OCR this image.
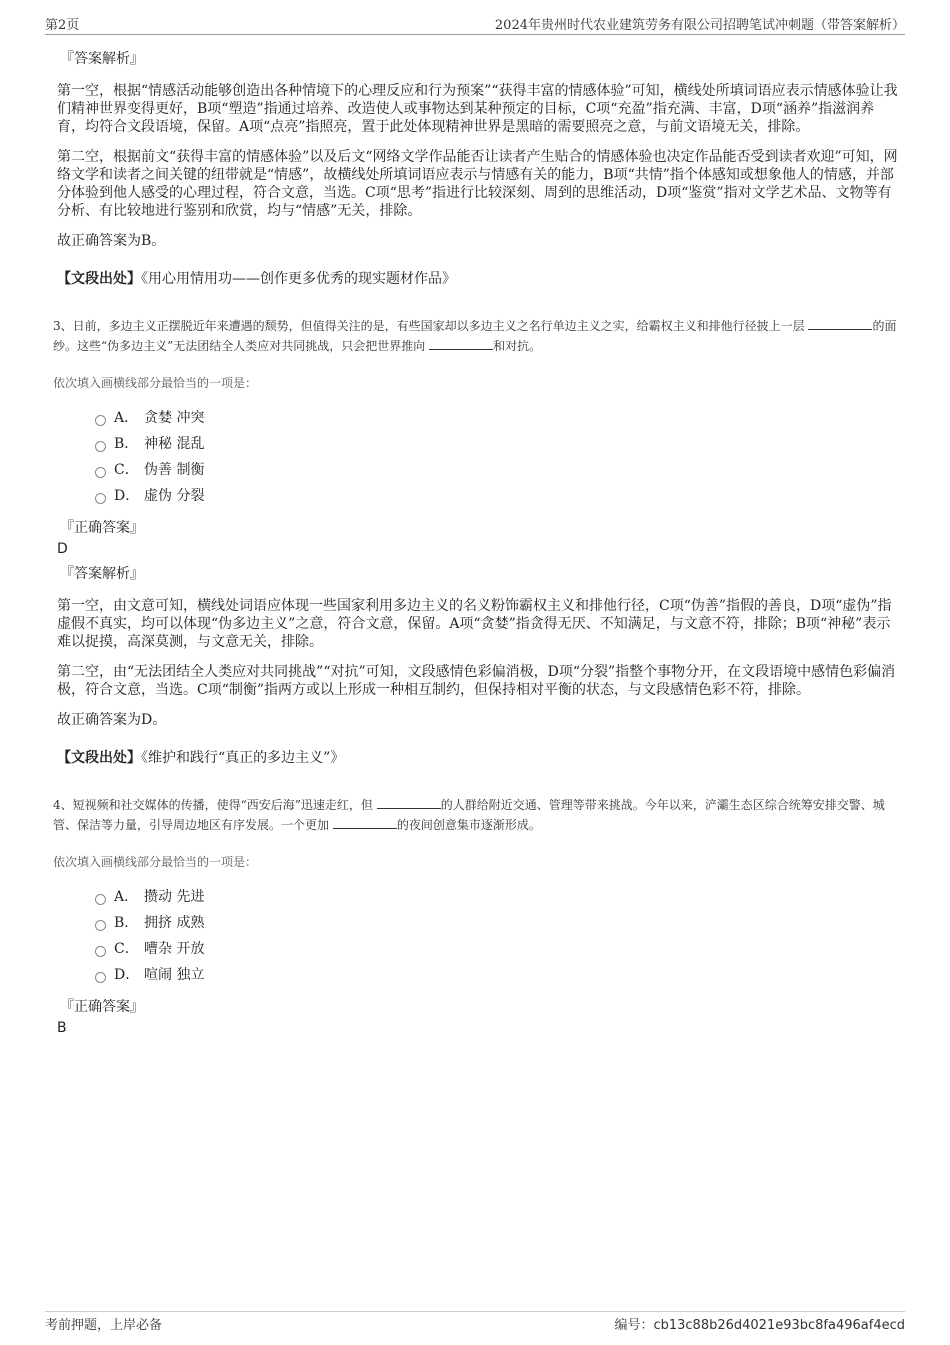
第2页	2024年贵州时代农业建筑劳务有限公司招聘笔试冲刺题（带答案解析）
『答案解析』

第一空，根据“情感活动能够创造出各种情境下的心理反应和行为预案”“获得丰富的情感体验”可知，横线处所填词语应表示情感体验让我们精神世界变得更好，B项“塑造”指通过培养、改造使人或事物达到某种预定的目标，C项“充盈”指充满、丰富，D项“涵养”指滋润养育，均符合文段语境，保留。A项“点亮”指照亮，置于此处体现精神世界是黑暗的需要照亮之意，与前文语境无关，排除。

第二空，根据前文“获得丰富的情感体验”以及后文“网络文学作品能否让读者产生贴合的情感体验也决定作品能否受到读者欢迎”可知，网络文学和读者之间关键的纽带就是“情感”，故横线处所填词语应表示与情感有关的能力，B项“共情”指个体感知或想象他人的情感，并部分体验到他人感受的心理过程，符合文意，当选。C项“思考”指进行比较深刻、周到的思维活动，D项“鉴赏”指对文学艺术品、文物等有分析、有比较地进行鉴别和欣赏，均与“情感”无关，排除。

故正确答案为B。

【文段出处】《用心用情用功——创作更多优秀的现实题材作品》
3、日前，多边主义正摆脱近年来遭遇的颓势，但值得关注的是，有些国家却以多边主义之名行单边主义之实，给霸权主义和排他行径披上一层	的面纱。这些“伪多边主义”无法团结全人类应对共同挑战，只会把世界推向	和对抗。
依次填入画横线部分最恰当的一项是：
A． 贪婪 冲突
B． 神秘 混乱
C． 伪善 制衡
D． 虚伪 分裂
『正确答案』
D
『答案解析』

第一空，由文意可知，横线处词语应体现一些国家利用多边主义的名义粉饰霸权主义和排他行径，C项“伪善”指假的善良，D项“虚伪”指虚假不真实，均可以体现“伪多边主义”之意，符合文意，保留。A项“贪婪”指贪得无厌、不知满足，与文意不符，排除；B项“神秘”表示难以捉摸，高深莫测，与文意无关，排除。

第二空，由“无法团结全人类应对共同挑战”“对抗”可知，文段感情色彩偏消极，D项“分裂”指整个事物分开，在文段语境中感情色彩偏消极，符合文意，当选。C项“制衡”指两方或以上形成一种相互制约，但保持相对平衡的状态，与文段感情色彩不符，排除。

故正确答案为D。

【文段出处】《维护和践行“真正的多边主义”》
4、短视频和社交媒体的传播，使得“西安后海”迅速走红，但	的人群给附近交通、管理等带来挑战。今年以来，浐灞生态区综合统筹安排交警、城管、保洁等力量，引导周边地区有序发展。一个更加	的夜间创意集市逐渐形成。
依次填入画横线部分最恰当的一项是：
A． 攒动 先进
B． 拥挤 成熟
C． 嘈杂 开放
D． 喧闹 独立
『正确答案』
B
考前押题，上岸必备	编号：cb13c88b26d4021e93bc8fa496af4ecd
